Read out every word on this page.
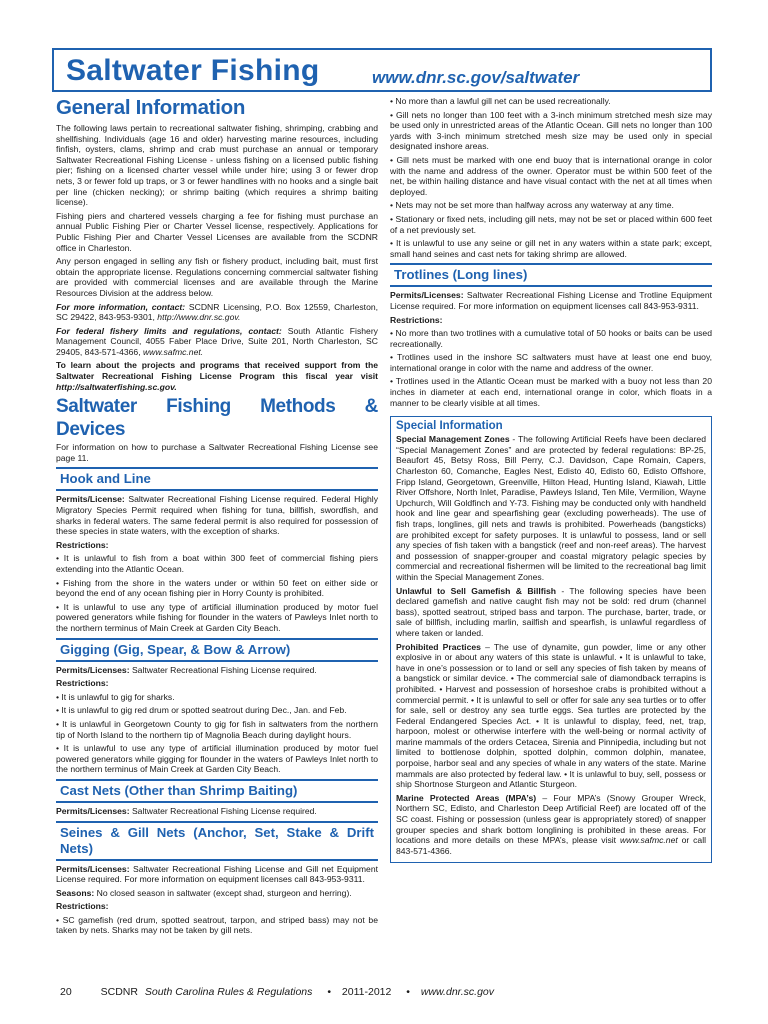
Saltwater Fishing	www.dnr.sc.gov/saltwater
General Information

The following laws pertain to recreational saltwater fishing, shrimping, crabbing and shellfishing. Individuals (age 16 and older) harvesting marine resources, including finfish, oysters, clams, shrimp and crab must purchase an annual or temporary Saltwater Recreational Fishing License - unless fishing on a licensed public fishing pier; fishing on a licensed charter vessel while under hire; using 3 or fewer drop nets, 3 or fewer fold up traps, or 3 or fewer handlines with no hooks and a single bait per line (chicken necking); or shrimp baiting (which requires a shrimp baiting license).

Fishing piers and chartered vessels charging a fee for fishing must purchase an annual Public Fishing Pier or Charter Vessel license, respectively. Applications for Public Fishing Pier and Charter Vessel Licenses are available from the SCDNR office in Charleston.

Any person engaged in selling any fish or fishery product, including bait, must first obtain the appropriate license. Regulations concerning commercial saltwater fishing are provided with commercial licenses and are available through the Marine Resources Division at the address below.

For more information, contact: SCDNR Licensing, P.O. Box 12559, Charleston, SC 29422, 843-953-9301, http://www.dnr.sc.gov.

For federal fishery limits and regulations, contact: South Atlantic Fishery Management Council, 4055 Faber Place Drive, Suite 201, North Charleston, SC 29405, 843-571-4366, www.safmc.net.

To learn about the projects and programs that received support from the Saltwater Recreational Fishing License Program this fiscal year visit http://saltwaterfishing.sc.gov.

Saltwater Fishing Methods & Devices

For information on how to purchase a Saltwater Recreational Fishing License see page 11.

Hook and Line

Permits/License: Saltwater Recreational Fishing License required. Federal Highly Migratory Species Permit required when fishing for tuna, billfish, swordfish, and sharks in federal waters. The same federal permit is also required for possession of these species in state waters, with the exception of sharks.

Restrictions:

• It is unlawful to fish from a boat within 300 feet of commercial fishing piers extending into the Atlantic Ocean.

• Fishing from the shore in the waters under or within 50 feet on either side or beyond the end of any ocean fishing pier in Horry County is prohibited.

• It is unlawful to use any type of artificial illumination produced by motor fuel powered generators while fishing for flounder in the waters of Pawleys Inlet north to the northern terminus of Main Creek at Garden City Beach.

Gigging (Gig, Spear, & Bow & Arrow)

Permits/Licenses: Saltwater Recreational Fishing License required.

Restrictions:

• It is unlawful to gig for sharks.

• It is unlawful to gig red drum or spotted seatrout during Dec., Jan. and Feb.

• It is unlawful in Georgetown County to gig for fish in saltwaters from the northern tip of North Island to the northern tip of Magnolia Beach during daylight hours.

• It is unlawful to use any type of artificial illumination produced by motor fuel powered generators while gigging for flounder in the waters of Pawleys Inlet north to the northern terminus of Main Creek at Garden City Beach.

Cast Nets (Other than Shrimp Baiting)

Permits/Licenses: Saltwater Recreational Fishing License required.

Seines & Gill Nets (Anchor, Set, Stake & Drift Nets)

Permits/Licenses: Saltwater Recreational Fishing License and Gill net Equipment License required. For more information on equipment licenses call 843-953-9311.

Seasons: No closed season in saltwater (except shad, sturgeon and herring).

Restrictions:

• SC gamefish (red drum, spotted seatrout, tarpon, and striped bass) may not be taken by nets. Sharks may not be taken by gill nets.

• No more than a lawful gill net can be used recreationally.

• Gill nets no longer than 100 feet with a 3-inch minimum stretched mesh size may be used only in unrestricted areas of the Atlantic Ocean. Gill nets no longer than 100 yards with 3-inch minimum stretched mesh size may be used only in special designated inshore areas.

• Gill nets must be marked with one end buoy that is international orange in color with the name and address of the owner. Operator must be within 500 feet of the net, be within hailing distance and have visual contact with the net at all times when deployed.

• Nets may not be set more than halfway across any waterway at any time.

• Stationary or fixed nets, including gill nets, may not be set or placed within 600 feet of a net previously set.

• It is unlawful to use any seine or gill net in any waters within a state park; except, small hand seines and cast nets for taking shrimp are allowed.

Trotlines (Long lines)

Permits/Licenses: Saltwater Recreational Fishing License and Trotline Equipment License required. For more information on equipment licenses call 843-953-9311.

Restrictions:

• No more than two trotlines with a cumulative total of 50 hooks or baits can be used recreationally.

• Trotlines used in the inshore SC saltwaters must have at least one end buoy, international orange in color with the name and address of the owner.

• Trotlines used in the Atlantic Ocean must be marked with a buoy not less than 20 inches in diameter at each end, international orange in color, which floats in a manner to be clearly visible at all times.

Special Information

Special Management Zones - The following Artificial Reefs have been declared “Special Management Zones” and are protected by federal regulations: BP-25, Beaufort 45, Betsy Ross, Bill Perry, C.J. Davidson, Cape Romain, Capers, Charleston 60, Comanche, Eagles Nest, Edisto 40, Edisto 60, Edisto Offshore, Fripp Island, Georgetown, Greenville, Hilton Head, Hunting Island, Kiawah, Little River Offshore, North Inlet, Paradise, Pawleys Island, Ten Mile, Vermilion, Wayne Upchurch, Will Goldfinch and Y-73. Fishing may be conducted only with handheld hook and line gear and spearfishing gear (excluding powerheads). The use of fish traps, longlines, gill nets and trawls is prohibited. Powerheads (bangsticks) are prohibited except for safety purposes. It is unlawful to possess, land or sell any species of fish taken with a bangstick (reef and non-reef areas). The harvest and possession of snapper-grouper and coastal migratory pelagic species by commercial and recreational fishermen will be limited to the recreational bag limit within the Special Management Zones.

Unlawful to Sell Gamefish & Billfish - The following species have been declared gamefish and native caught fish may not be sold: red drum (channel bass), spotted seatrout, striped bass and tarpon. The purchase, barter, trade, or sale of billfish, including marlin, sailfish and spearfish, is unlawful regardless of where taken or landed.

Prohibited Practices – The use of dynamite, gun powder, lime or any other explosive in or about any waters of this state is unlawful. • It is unlawful to take, have in one’s possession or to land or sell any species of fish taken by means of a bangstick or similar device. • The commercial sale of diamondback terrapins is prohibited. • Harvest and possession of horseshoe crabs is prohibited without a commercial permit. • It is unlawful to sell or offer for sale any sea turtles or to offer for sale, sell or destroy any sea turtle eggs. Sea turtles are protected by the Federal Endangered Species Act. • It is unlawful to display, feed, net, trap, harpoon, molest or otherwise interfere with the well-being or normal activity of marine mammals of the orders Cetacea, Sirenia and Pinnipedia, including but not limited to bottlenose dolphin, spotted dolphin, common dolphin, manatee, porpoise, harbor seal and any species of whale in any waters of the state. Marine mammals are also protected by federal law. • It is unlawful to buy, sell, possess or ship Shortnose Sturgeon and Atlantic Sturgeon.

Marine Protected Areas (MPA’s) – Four MPA’s (Snowy Grouper Wreck, Northern SC, Edisto, and Charleston Deep Artificial Reef) are located off of the SC coast. Fishing or possession (unless gear is appropriately stored) of snapper grouper species and shark bottom longlining is prohibited in these areas. For locations and more details on these MPA’s, please visit www.safmc.net or call 843-571-4366.

20	SCDNR South Carolina Rules & Regulations • 2011-2012 • www.dnr.sc.gov
